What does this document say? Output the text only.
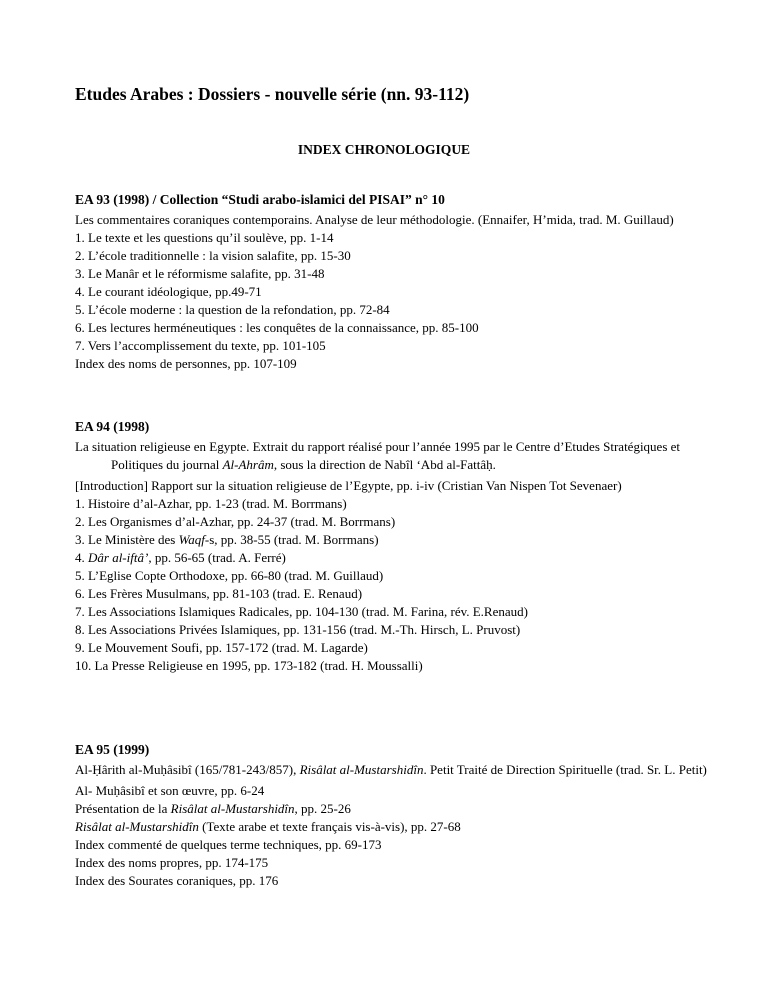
Etudes Arabes : Dossiers - nouvelle série (nn. 93-112)
INDEX CHRONOLOGIQUE

EA 93 (1998) / Collection “Studi arabo-islamici del PISAI” n° 10

Les commentaires coraniques contemporains. Analyse de leur méthodologie. (Ennaifer, H’mida, trad. M. Guillaud)

1. Le texte et les questions qu’il soulève, pp. 1-14

2. L’école traditionnelle : la vision salafite, pp. 15-30

3. Le Manâr et le réformisme salafite, pp. 31-48

4. Le courant idéologique, pp.49-71

5. L’école moderne : la question de la refondation, pp. 72-84

6. Les lectures herméneutiques : les conquêtes de la connaissance, pp. 85-100

7. Vers l’accomplissement du texte, pp. 101-105

Index des noms de personnes, pp. 107-109

EA 94 (1998)

La situation religieuse en Egypte. Extrait du rapport réalisé pour l’année 1995 par le Centre d’Etudes Stratégiques et Politiques du journal Al-Ahrâm, sous la direction de Nabîl ‘Abd al-Fattâḥ.

[Introduction] Rapport sur la situation religieuse de l’Egypte, pp. i-iv (Cristian Van Nispen Tot Sevenaer)

1. Histoire d’al-Azhar, pp. 1-23 (trad. M. Borrmans)

2. Les Organismes d’al-Azhar, pp. 24-37 (trad. M. Borrmans)

3. Le Ministère des Waqf-s, pp. 38-55 (trad. M. Borrmans)

4. Dâr al-iftâ’, pp. 56-65 (trad. A. Ferré)

5. L’Eglise Copte Orthodoxe, pp. 66-80 (trad. M. Guillaud)

6. Les Frères Musulmans, pp. 81-103 (trad. E. Renaud)

7. Les Associations Islamiques Radicales, pp. 104-130 (trad. M. Farina, rév. E.Renaud)

8. Les Associations Privées Islamiques, pp. 131-156 (trad. M.-Th. Hirsch, L. Pruvost)

9. Le Mouvement Soufi, pp. 157-172 (trad. M. Lagarde)

10. La Presse Religieuse en 1995, pp. 173-182 (trad. H. Moussalli)

EA 95 (1999)

Al-Ḥârith al-Muḥâsibî (165/781-243/857), Risâlat al-Mustarshidîn. Petit Traité de Direction Spirituelle (trad. Sr. L. Petit)

Al- Muḥâsibî et son œuvre, pp. 6-24

Présentation de la Risâlat al-Mustarshidîn, pp. 25-26

Risâlat al-Mustarshidîn (Texte arabe et texte français vis-à-vis), pp. 27-68

Index commenté de quelques terme techniques, pp. 69-173

Index des noms propres, pp. 174-175

Index des Sourates coraniques, pp. 176
